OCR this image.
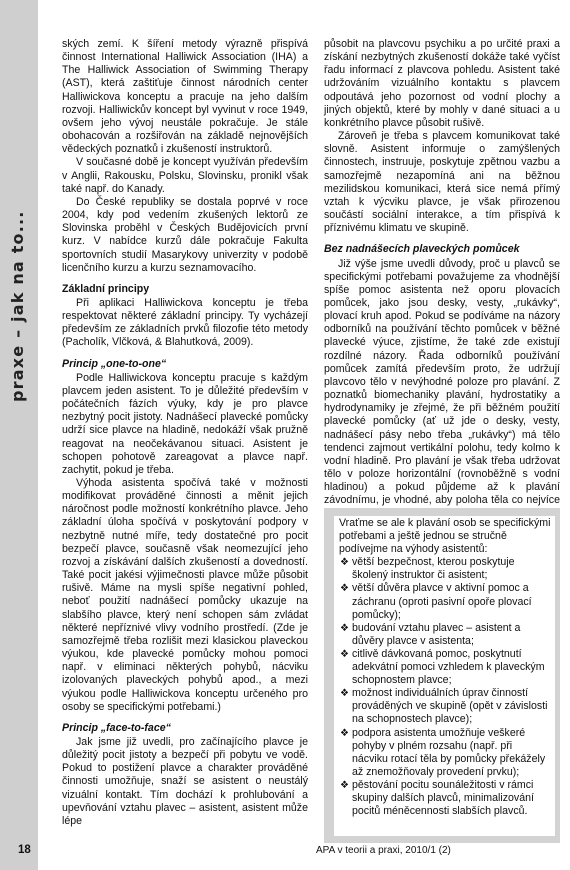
praxe – jak na to...

ských zemí. K šíření metody výrazně přispívá činnost International Halliwick Association (IHA) a The Halliwick Association of Swimming Therapy (AST), která zaštiťuje činnost národních center Halliwickova konceptu a pracuje na jeho dalším rozvoji. Halliwickův koncept byl vyvinut v roce 1949, ovšem jeho vývoj neustále pokračuje. Je stále obohacován a rozšiřován na základě nejnovějších vědeckých poznatků i zkušeností instruktorů.

V současné době je koncept využíván především v Anglii, Rakousku, Polsku, Slovinsku, pronikl však také např. do Kanady.

Do České republiky se dostala poprvé v roce 2004, kdy pod vedením zkušených lektorů ze Slovinska proběhl v Českých Budějovicích první kurz. V nabídce kurzů dále pokračuje Fakulta sportovních studií Masarykovy univerzity v podobě licenčního kurzu a kurzu seznamovacího.

Základní principy

Při aplikaci Halliwickova konceptu je třeba respektovat některé základní principy. Ty vycházejí především ze základních prvků filozofie této metody (Pacholík, Vlčková, & Blahutková, 2009).

Princip „one-to-one“

Podle Halliwickova konceptu pracuje s každým plavcem jeden asistent. To je důležité především v počátečních fázích výuky, kdy je pro plavce nezbytný pocit jistoty. Nadnášecí plavecké pomůcky udrží sice plavce na hladině, nedokáží však pružně reagovat na neočekávanou situaci. Asistent je schopen pohotově zareagovat a plavce např. zachytit, pokud je třeba.

Výhoda asistenta spočívá také v možnosti modifikovat prováděné činnosti a měnit jejich náročnost podle možností konkrétního plavce. Jeho základní úloha spočívá v poskytování podpory v nezbytně nutné míře, tedy dostatečné pro pocit bezpečí plavce, současně však neomezující jeho rozvoj a získávání dalších zkušeností a dovedností. Také pocit jakési výjimečnosti plavce může působit rušivě. Máme na mysli spíše negativní pohled, neboť použití nadnášecí pomůcky ukazuje na slabšího plavce, který není schopen sám zvládat některé nepříznivé vlivy vodního prostředí. (Zde je samozřejmě třeba rozlišit mezi klasickou plaveckou výukou, kde plavecké pomůcky mohou pomoci např. v eliminaci některých pohybů, nácviku izolovaných plaveckých pohybů apod., a mezi výukou podle Halliwickova konceptu určeného pro osoby se specifickými potřebami.)

Princip „face-to-face“

Jak jsme již uvedli, pro začínajícího plavce je důležitý pocit jistoty a bezpečí při pobytu ve vodě. Pokud to postižení plavce a charakter prováděné činnosti umožňuje, snaží se asistent o neustálý vizuální kontakt. Tím dochází k prohlubování a upevňování vztahu plavec – asistent, asistent může lépe

působit na plavcovu psychiku a po určité praxi a získání nezbytných zkušeností dokáže také vyčíst řadu informací z plavcova pohledu. Asistent také udržováním vizuálního kontaktu s plavcem odpoutává jeho pozornost od vodní plochy a jiných objektů, které by mohly v dané situaci a u konkrétního plavce působit rušivě.

Zároveň je třeba s plavcem komunikovat také slovně. Asistent informuje o zamýšlených činnostech, instruuje, poskytuje zpětnou vazbu a samozřejmě nezapomíná ani na běžnou mezilidskou komunikaci, která sice nemá přímý vztah k výcviku plavce, je však přirozenou součástí sociální interakce, a tím přispívá k příznivému klimatu ve skupině.

Bez nadnášecích plaveckých pomůcek

Již výše jsme uvedli důvody, proč u plavců se specifickými potřebami považujeme za vhodnější spíše pomoc asistenta než oporu plovacích pomůcek, jako jsou desky, vesty, „rukávky“, plovací kruh apod. Pokud se podíváme na názory odborníků na používání těchto pomůcek v běžné plavecké výuce, zjistíme, že také zde existují rozdílné názory. Řada odborníků používání pomůcek zamítá především proto, že udržují plavcovo tělo v nevýhodné poloze pro plavání. Z poznatků biomechaniky plavání, hydrostatiky a hydrodynamiky je zřejmé, že při běžném použití plavecké pomůcky (ať už jde o desky, vesty, nadnášecí pásy nebo třeba „rukávky“) má tělo tendenci zajmout vertikální polohu, tedy kolmo k vodní hladině. Pro plavání je však třeba udržovat tělo v poloze horizontální (rovnoběžně s vodní hladinou) a pokud půjdeme až k plavání závodnímu, je vhodné, aby poloha těla co nejvíce

Vraťme se ale k plavání osob se specifickými potřebami a ještě jednou se stručně podívejme na výhody asistentů:
❖ větší bezpečnost, kterou poskytuje školený instruktor či asistent;
❖ větší důvěra plavce v aktivní pomoc a záchranu (oproti pasivní opoře plovací pomůcky);
❖ budování vztahu plavec – asistent a důvěry plavce v asistenta;
❖ citlivě dávkovaná pomoc, poskytnutí adekvátní pomoci vzhledem k plaveckým schopnostem plavce;
❖ možnost individuálních úprav činností prováděných ve skupině (opět v závislosti na schopnostech plavce);
❖ podpora asistenta umožňuje veškeré pohyby v plném rozsahu (např. při nácviku rotací těla by pomůcky překážely až znemožňovaly provedení prvku);
❖ pěstování pocitu sounáležitosti v rámci skupiny dalších plavců, minimalizování pocitů méněcennosti slabších plavců.
18	APA v teorii a praxi, 2010/1 (2)
